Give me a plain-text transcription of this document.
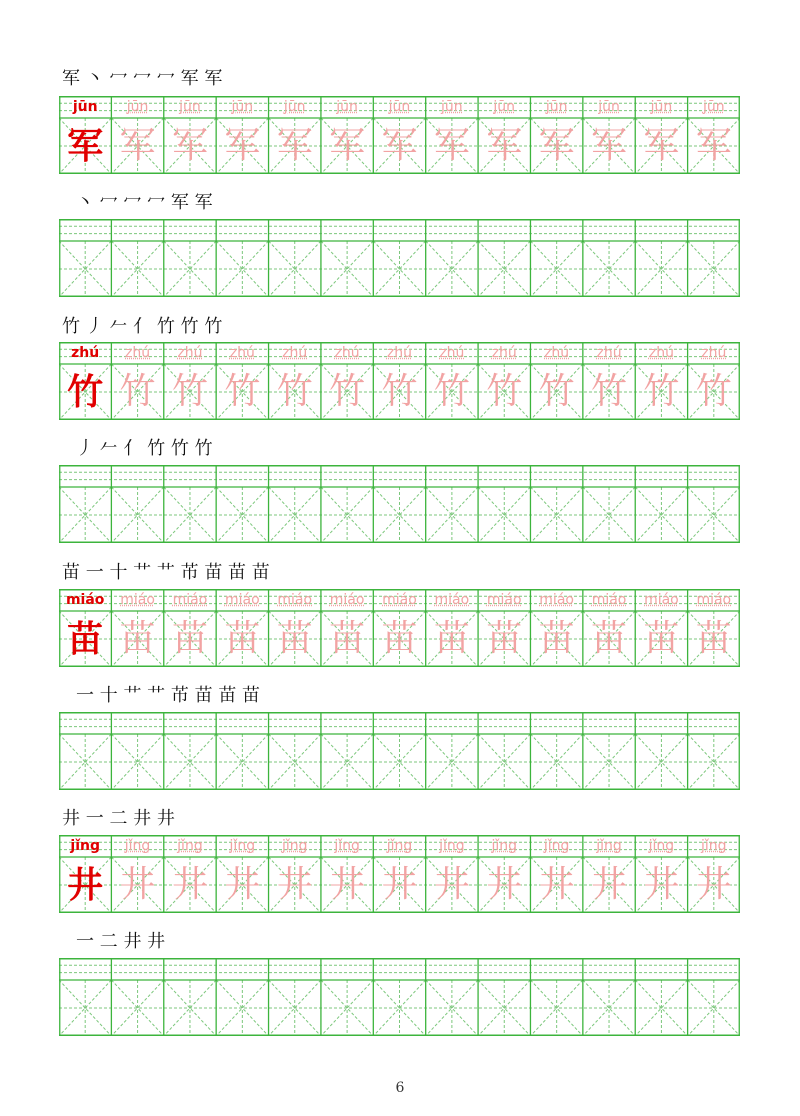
军 丶 冖 冖 冖 军 军
jūn
军
jūn
军
jūn
军
jūn
军
jūn
军
jūn
军
jūn
军
jūn
军
jūn
军
jūn
军
jūn
军
jūn
军
jūn
军
丶 冖 冖 冖 军 军
竹 丿 𠂉 亻 竹 竹 竹
zhú
竹
zhú
竹
zhú
竹
zhú
竹
zhú
竹
zhú
竹
zhú
竹
zhú
竹
zhú
竹
zhú
竹
zhú
竹
zhú
竹
zhú
竹
丿 𠂉 亻 竹 竹 竹
苗 一 十 艹 艹 芇 苗 苗 苗
miáo
苗
miáo
苗
miáo
苗
miáo
苗
miáo
苗
miáo
苗
miáo
苗
miáo
苗
miáo
苗
miáo
苗
miáo
苗
miáo
苗
miáo
苗
一 十 艹 艹 芇 苗 苗 苗
井 一 二 井 井
jǐng
井
jǐng
井
jǐng
井
jǐng
井
jǐng
井
jǐng
井
jǐng
井
jǐng
井
jǐng
井
jǐng
井
jǐng
井
jǐng
井
jǐng
井
一 二 井 井
6
